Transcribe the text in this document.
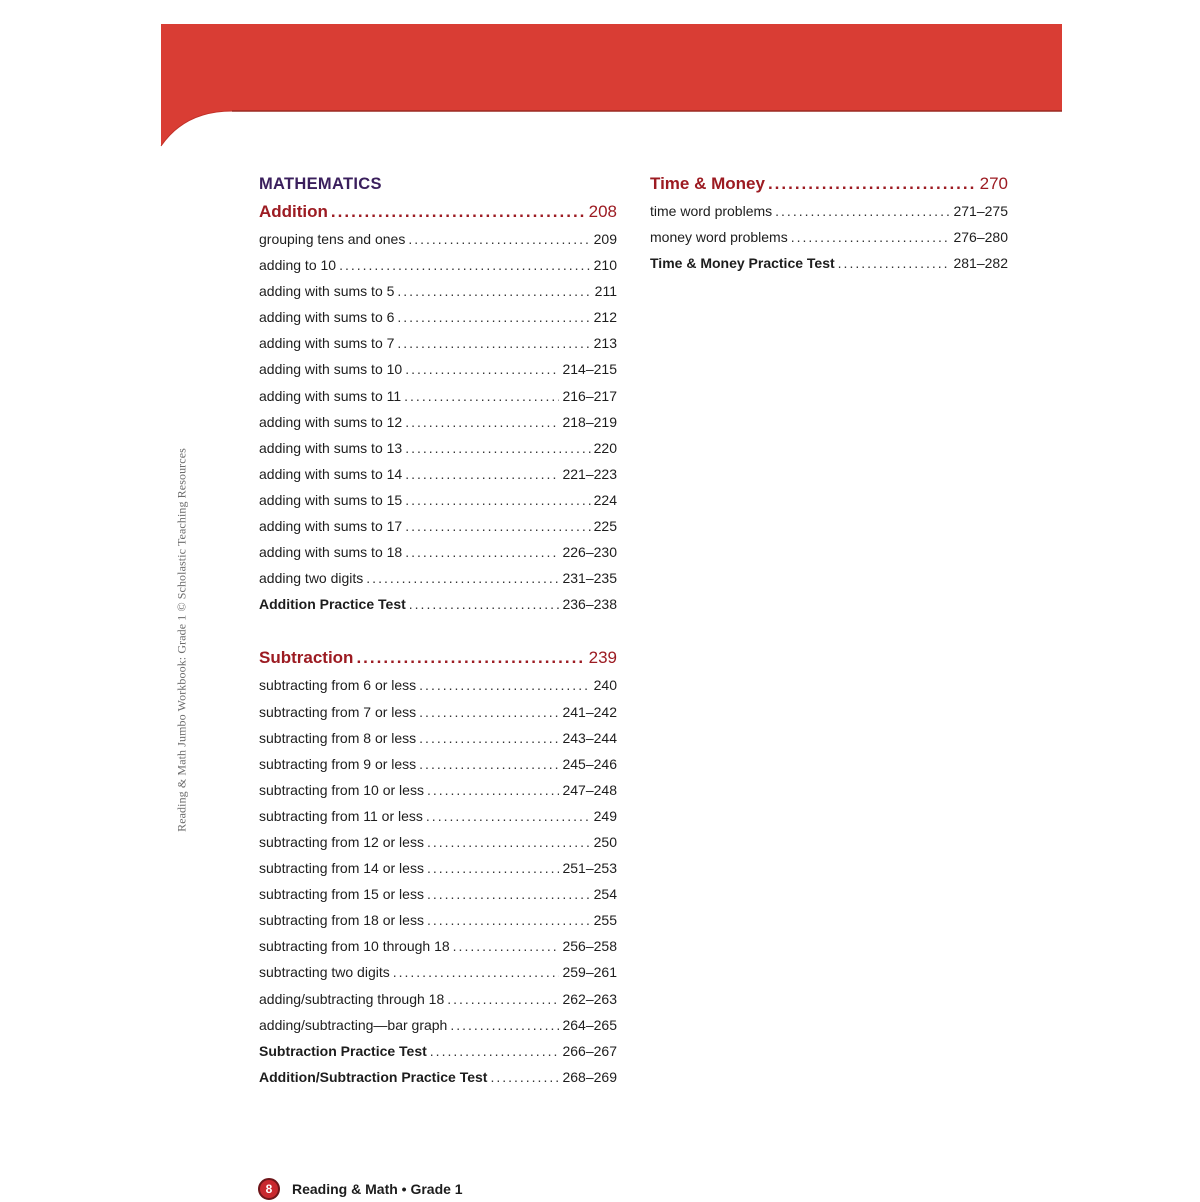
Reading & Math Jumbo Workbook: Grade 1 © Scholastic Teaching Resources
MATHEMATICS
Addition .....	208
grouping tens and ones .....	209
adding to 10 .....	210
adding with sums to 5 .....	211
adding with sums to 6 .....	212
adding with sums to 7 .....	213
adding with sums to 10 .....	214–215
adding with sums to 11 .....	216–217
adding with sums to 12 .....	218–219
adding with sums to 13 .....	220
adding with sums to 14 .....	221–223
adding with sums to 15 .....	224
adding with sums to 17 .....	225
adding with sums to 18 .....	226–230
adding two digits .....	231–235
Addition Practice Test .....	236–238
Subtraction .....	239
subtracting from 6 or less .....	240
subtracting from 7 or less .....	241–242
subtracting from 8 or less .....	243–244
subtracting from 9 or less .....	245–246
subtracting from 10 or less .....	247–248
subtracting from 11 or less .....	249
subtracting from 12 or less .....	250
subtracting from 14 or less .....	251–253
subtracting from 15 or less .....	254
subtracting from 18 or less .....	255
subtracting from 10 through 18 .....	256–258
subtracting two digits .....	259–261
adding/subtracting through 18 .....	262–263
adding/subtracting—bar graph .....	264–265
Subtraction Practice Test .....	266–267
Addition/Subtraction Practice Test .....	268–269
Time & Money .....	270
time word problems .....	271–275
money word problems .....	276–280
Time & Money Practice Test .....	281–282
8	Reading & Math • Grade 1
